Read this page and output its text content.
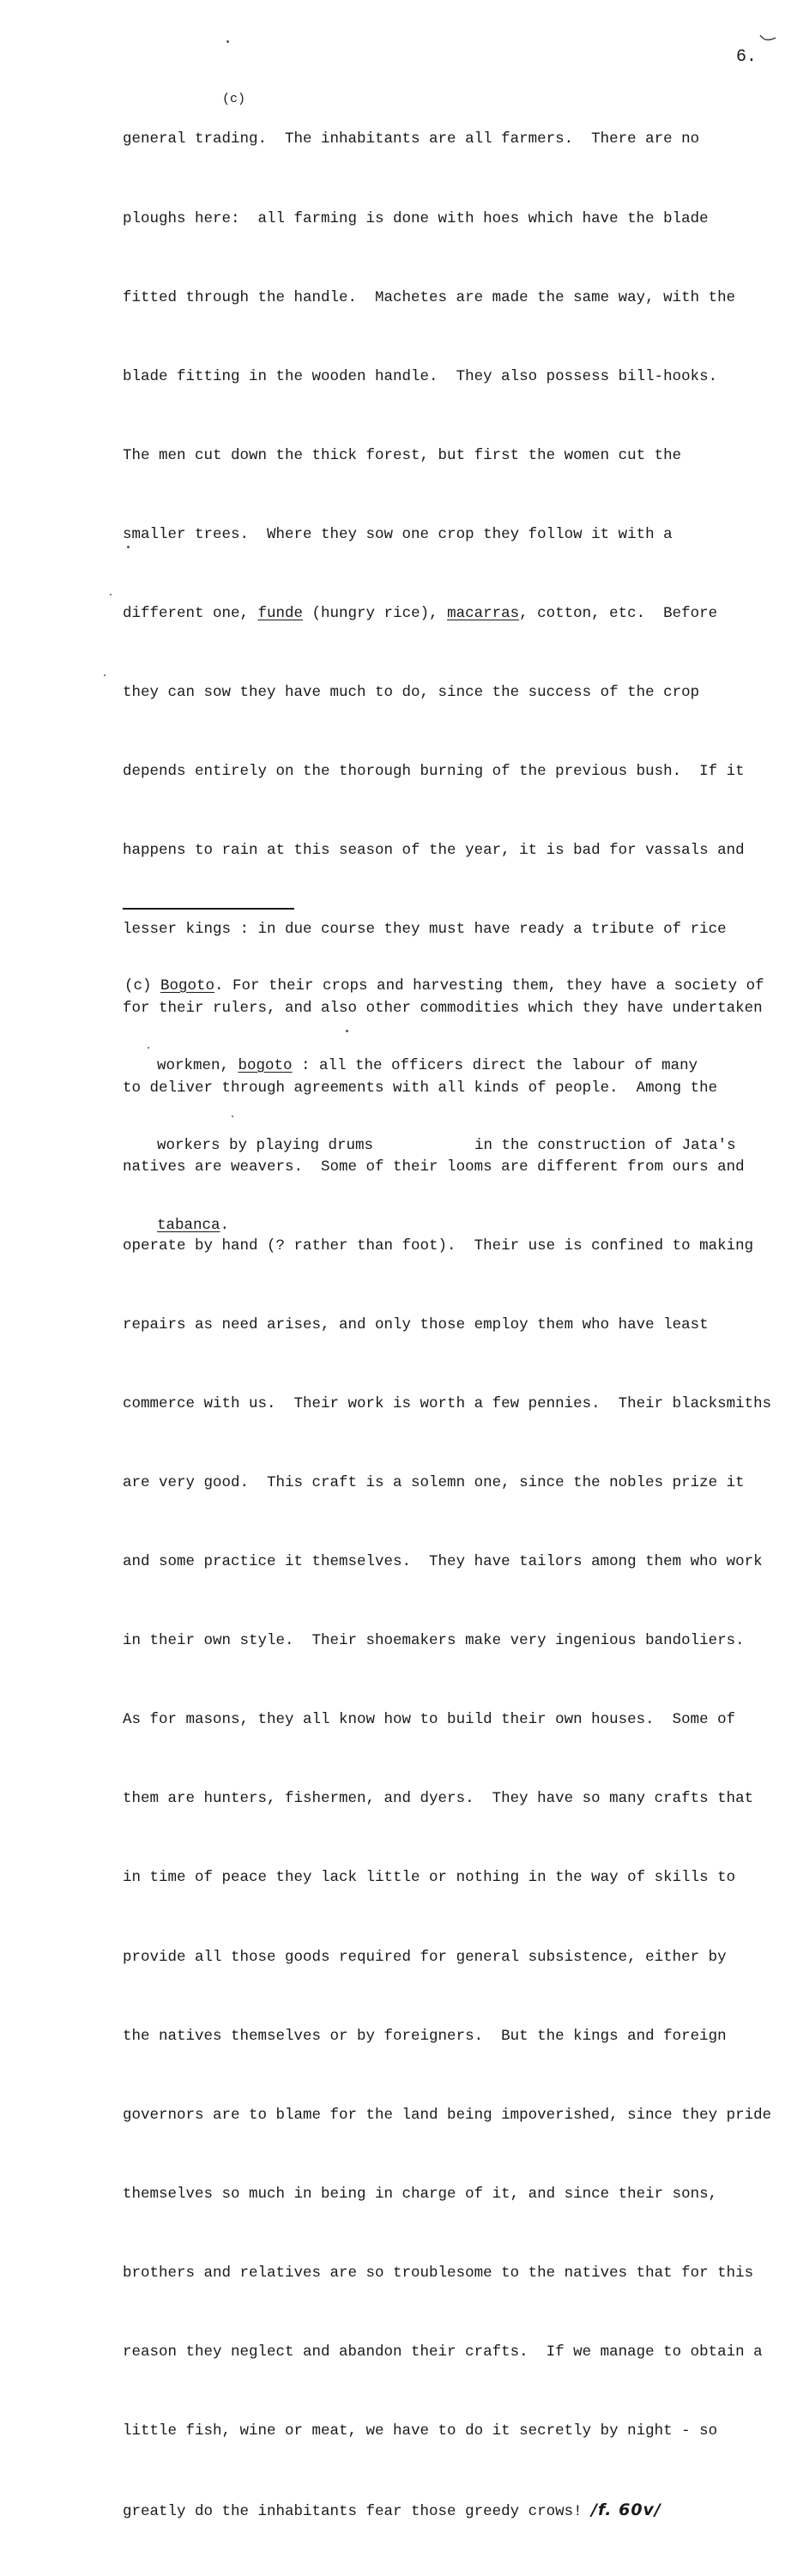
6.
(c)

general trading.  The inhabitants are all farmers.  There are no

ploughs here:  all farming is done with hoes which have the blade

fitted through the handle.  Machetes are made the same way, with the

blade fitting in the wooden handle.  They also possess bill-hooks.

The men cut down the thick forest, but first the women cut the

smaller trees.  Where they sow one crop they follow it with a

different one, funde (hungry rice), macarras, cotton, etc.  Before

they can sow they have much to do, since the success of the crop

depends entirely on the thorough burning of the previous bush.  If it

happens to rain at this season of the year, it is bad for vassals and

lesser kings : in due course they must have ready a tribute of rice

for their rulers, and also other commodities which they have undertaken

to deliver through agreements with all kinds of people.  Among the

natives are weavers.  Some of their looms are different from ours and

operate by hand (? rather than foot).  Their use is confined to making

repairs as need arises, and only those employ them who have least

commerce with us.  Their work is worth a few pennies.  Their blacksmiths

are very good.  This craft is a solemn one, since the nobles prize it

and some practice it themselves.  They have tailors among them who work

in their own style.  Their shoemakers make very ingenious bandoliers.

As for masons, they all know how to build their own houses.  Some of

them are hunters, fishermen, and dyers.  They have so many crafts that

in time of peace they lack little or nothing in the way of skills to

provide all those goods required for general subsistence, either by

the natives themselves or by foreigners.  But the kings and foreign

governors are to blame for the land being impoverished, since they pride

themselves so much in being in charge of it, and since their sons,

brothers and relatives are so troublesome to the natives that for this

reason they neglect and abandon their crafts.  If we manage to obtain a

little fish, wine or meat, we have to do it secretly by night - so

greatly do the inhabitants fear those greedy crows! /f. 60v/

(c) Bogoto. For their crops and harvesting them, they have a society of

workmen, bogoto : all the officers direct the labour of many

workers by playing drums	in the construction of Jata's

tabanca.
